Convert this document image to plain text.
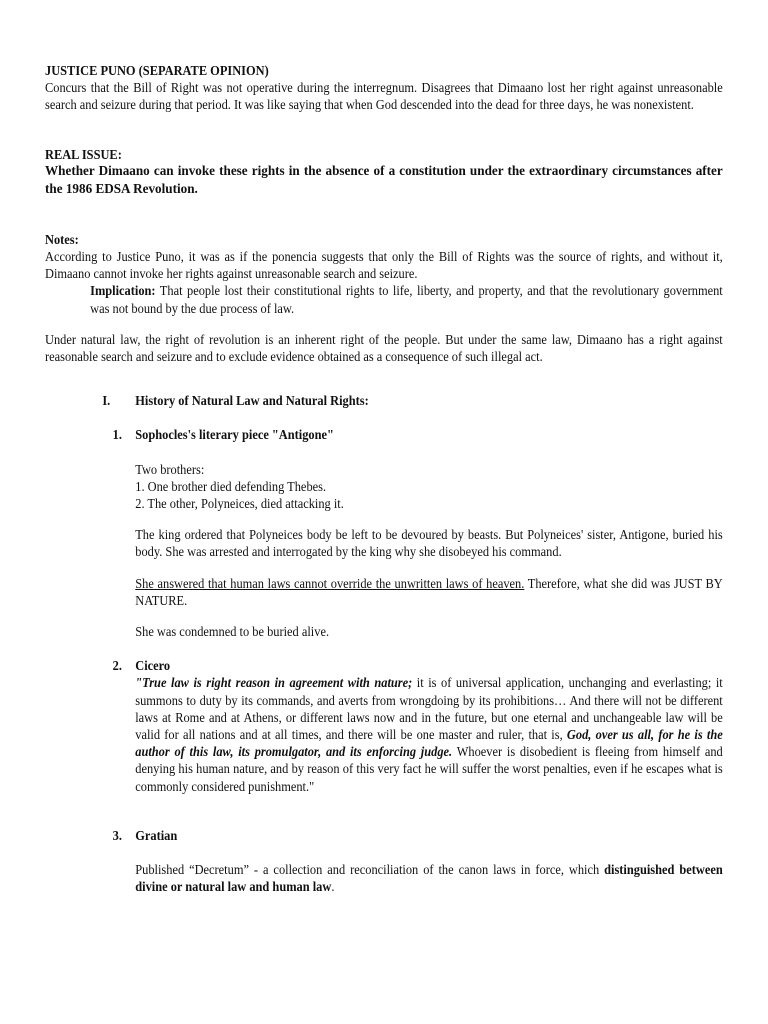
JUSTICE PUNO (SEPARATE OPINION)

Concurs that the Bill of Right was not operative during the interregnum. Disagrees that Dimaano lost her right against unreasonable search and seizure during that period. It was like saying that when God descended into the dead for three days, he was nonexistent.

REAL ISSUE:

Whether Dimaano can invoke these rights in the absence of a constitution under the extraordinary circumstances after the 1986 EDSA Revolution.

Notes:

According to Justice Puno, it was as if the ponencia suggests that only the Bill of Rights was the source of rights, and without it, Dimaano cannot invoke her rights against unreasonable search and seizure.

Implication: That people lost their constitutional rights to life, liberty, and property, and that the revolutionary government was not bound by the due process of law.

Under natural law, the right of revolution is an inherent right of the people. But under the same law, Dimaano has a right against reasonable search and seizure and to exclude evidence obtained as a consequence of such illegal act.

I. History of Natural Law and Natural Rights:

1. Sophocles's literary piece "Antigone"

Two brothers:

1. One brother died defending Thebes.

2. The other, Polyneices, died attacking it.

The king ordered that Polyneices body be left to be devoured by beasts. But Polyneices' sister, Antigone, buried his body. She was arrested and interrogated by the king why she disobeyed his command.

She answered that human laws cannot override the unwritten laws of heaven. Therefore, what she did was JUST BY NATURE.

She was condemned to be buried alive.

2. Cicero

"True law is right reason in agreement with nature; it is of universal application, unchanging and everlasting; it summons to duty by its commands, and averts from wrongdoing by its prohibitions… And there will not be different laws at Rome and at Athens, or different laws now and in the future, but one eternal and unchangeable law will be valid for all nations and at all times, and there will be one master and ruler, that is, God, over us all, for he is the author of this law, its promulgator, and its enforcing judge. Whoever is disobedient is fleeing from himself and denying his human nature, and by reason of this very fact he will suffer the worst penalties, even if he escapes what is commonly considered punishment."

3. Gratian

Published “Decretum” - a collection and reconciliation of the canon laws in force, which distinguished between divine or natural law and human law.
